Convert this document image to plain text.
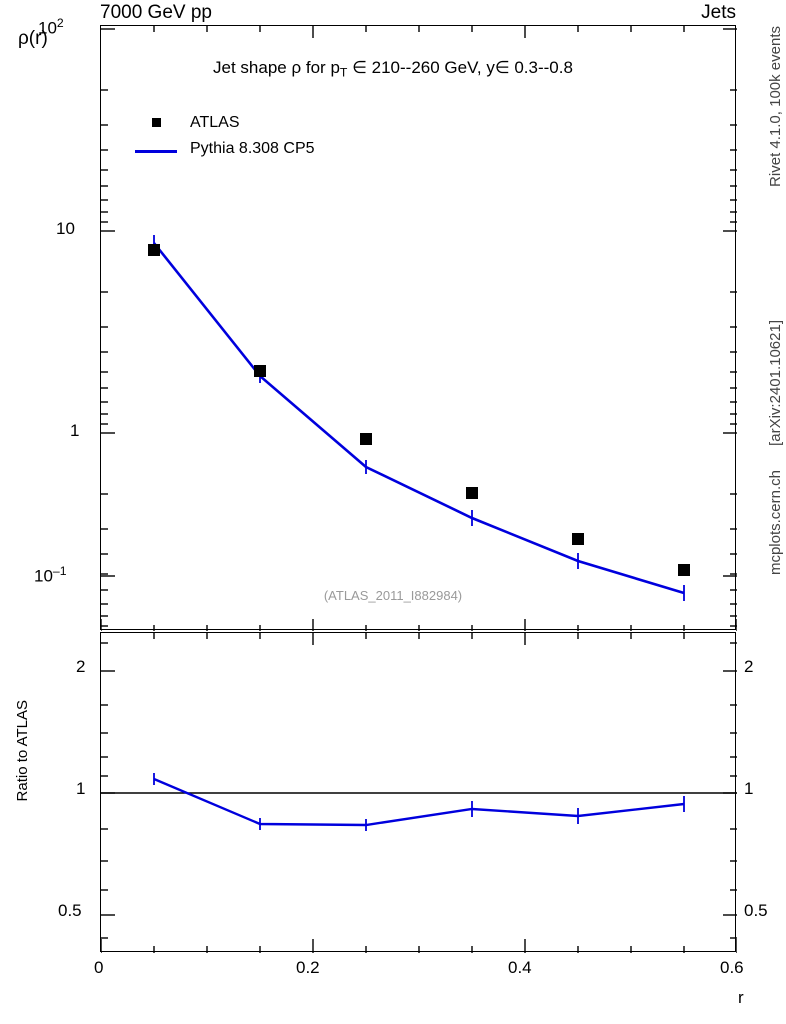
7000 GeV pp	Jets
Rivet 4.1.0, 100k events
[arXiv:2401.10621]
mcplots.cern.ch
ρ(r)
Ratio to ATLAS
Jet shape ρ for $p_T$ ∈ 210--260 GeV, y∈ 0.3--0.8
ATLAS
Pythia 8.308 CP5
(ATLAS_2011_I882984)
$10^2$
10
1
$10^{-1}$
2
1
0.5
2
1
0.5
0	0.2	0.4	0.6
r
